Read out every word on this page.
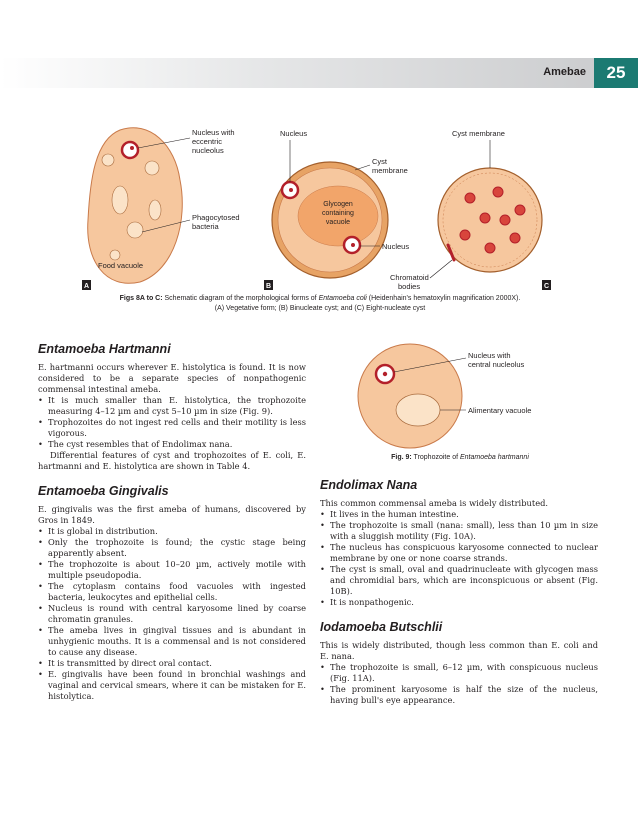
Amebae	25
Nucleus with
eccentric
nucleolus
Phagocytosed
bacteria
Food vacuole
A
Nucleus
Cyst
membrane
Glycogen
containing
vacuole
Nucleus
B
Cyst membrane
Chromatoid
bodies	C
Figs 8A to C: Schematic diagram of the morphological forms of Entamoeba coli (Heidenhain's hematoxylin magnification 2000X).
(A) Vegetative form; (B) Binucleate cyst; and (C) Eight-nucleate cyst
Nucleus with
central nucleolus
Alimentary vacuole
Fig. 9: Trophozoite of Entamoeba hartmanni
Entamoeba Hartmanni

E. hartmanni occurs wherever E. histolytica is found. It is now considered to be a separate species of nonpathogenic commensal intestinal ameba.

• It is much smaller than E. histolytica, the trophozoite measuring 4–12 µm and cyst 5–10 µm in size (Fig. 9).
• Trophozoites do not ingest red cells and their motility is less vigorous.
• The cyst resembles that of Endolimax nana.

Differential features of cyst and trophozoites of E. coli, E. hartmanni and E. histolytica are shown in Table 4.

Entamoeba Gingivalis

E. gingivalis was the first ameba of humans, discovered by Gros in 1849.

• It is global in distribution.
• Only the trophozoite is found; the cystic stage being apparently absent.
• The trophozoite is about 10–20 µm, actively motile with multiple pseudopodia.
• The cytoplasm contains food vacuoles with ingested bacteria, leukocytes and epithelial cells.
• Nucleus is round with central karyosome lined by coarse chromatin granules.
• The ameba lives in gingival tissues and is abundant in unhygienic mouths. It is a commensal and is not considered to cause any disease.
• It is transmitted by direct oral contact.
• E. gingivalis have been found in bronchial washings and vaginal and cervical smears, where it can be mistaken for E. histolytica.
Endolimax Nana

This common commensal ameba is widely distributed.

• It lives in the human intestine.
• The trophozoite is small (nana: small), less than 10 µm in size with a sluggish motility (Fig. 10A).
• The nucleus has conspicuous karyosome connected to nuclear membrane by one or none coarse strands.
• The cyst is small, oval and quadrinucleate with glycogen mass and chromidial bars, which are inconspicuous or absent (Fig. 10B).
• It is nonpathogenic.
Iodamoeba Butschlii

This is widely distributed, though less common than E. coli and E. nana.

• The trophozoite is small, 6–12 µm, with conspicuous nucleus (Fig. 11A).
• The prominent karyosome is half the size of the nucleus, having bull's eye appearance.
